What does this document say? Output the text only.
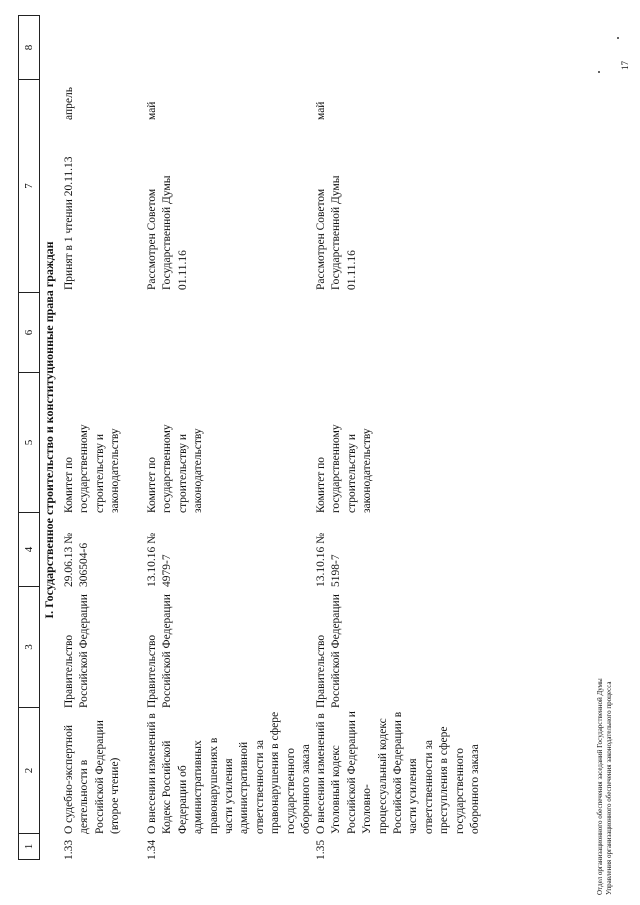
1
2
3
4
5
6
7
8
I. Государственное строительство и конституционные права граждан
1.33
О судебно-экспертной деятельности в Российской Федерации (второе чтение)
Правительство Российской Федерации
29.06.13 № 306504-6
Комитет по государственному строительству и законодательству
Принят в 1 чтении 20.11.13
апрель
1.34
О внесении изменений в Кодекс Российской Федерации об административных правонарушениях в части усиления административной ответственности за правонарушения в сфере государственного оборонного заказа
Правительство Российской Федерации
13.10.16 № 4979-7
Комитет по государственному строительству и законодательству
Рассмотрен Советом Государственной Думы 01.11.16
май
1.35
О внесении изменений в Уголовный кодекс Российской Федерации и Уголовно-процессуальный кодекс Российской Федерации в части усиления ответственности за преступления в сфере государственного оборонного заказа
Правительство Российской Федерации
13.10.16 № 5198-7
Комитет по государственному строительству и законодательству
Рассмотрен Советом Государственной Думы 01.11.16
май
Отдел организационного обеспечения заседаний Государственной Думы Управления организационного обеспечения законодательного процесса
17
